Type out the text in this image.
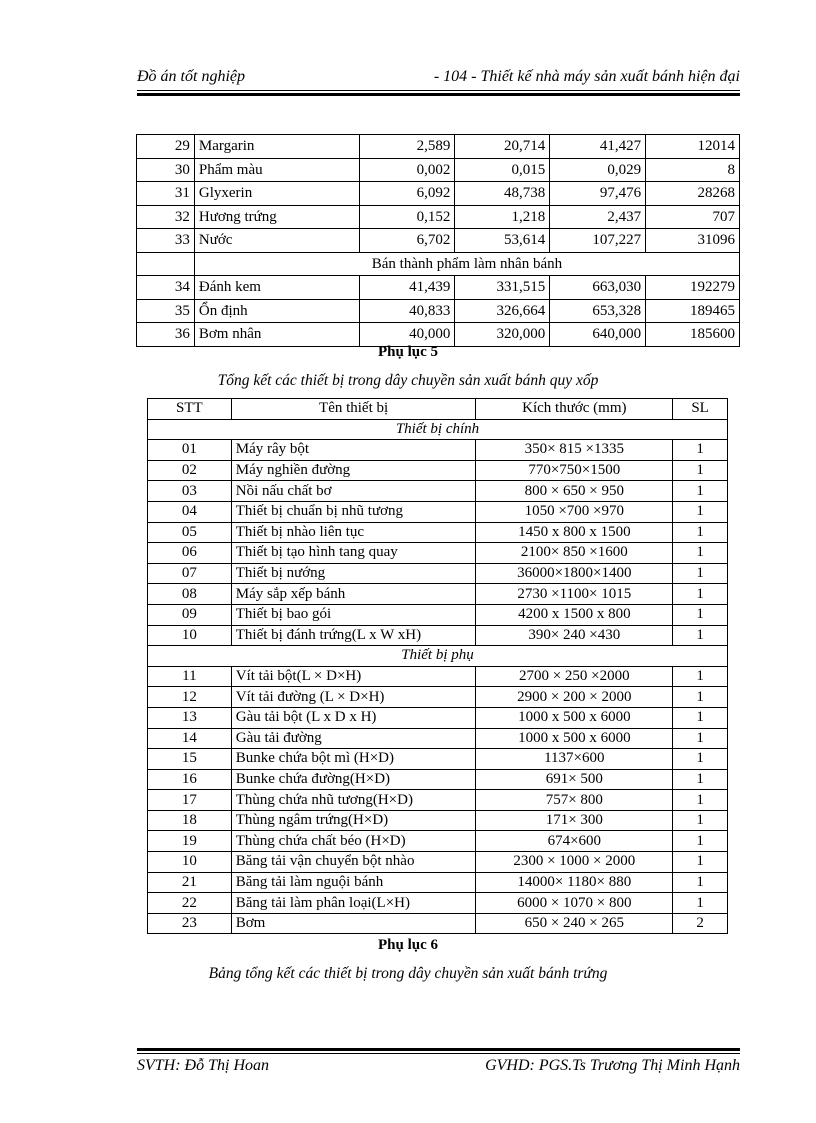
Đồ án tốt nghiệp	- 104 - Thiết kế nhà máy sản xuất bánh hiện đại
29	Margarin	2,589	20,714	41,427	12014
30	Phẩm màu	0,002	0,015	0,029	8
31	Glyxerin	6,092	48,738	97,476	28268
32	Hương trứng	0,152	1,218	2,437	707
33	Nước	6,702	53,614	107,227	31096
	Bán thành phẩm làm nhân bánh				
34	Đánh kem	41,439	331,515	663,030	192279
35	Ổn định	40,833	326,664	653,328	189465
36	Bơm nhân	40,000	320,000	640,000	185600
Phụ lục 5
Tổng kết các thiết bị trong dây chuyền sản xuất bánh quy xốp
STT	Tên thiết bị	Kích thước (mm)	SL
Thiết bị chính			
01	Máy rây bột	350× 815 ×1335	1
02	Máy nghiền đường	770×750×1500	1
03	Nồi nấu chất bơ	800 × 650 × 950	1
04	Thiết bị chuẩn bị nhũ tương	1050 ×700 ×970	1
05	Thiết bị nhào liên tục	1450 x 800 x 1500	1
06	Thiết bị tạo hình tang quay	2100× 850 ×1600	1
07	Thiết bị nướng	36000×1800×1400	1
08	Máy sắp xếp bánh	2730 ×1100× 1015	1
09	Thiết bị bao gói	4200 x 1500 x 800	1
10	Thiết bị đánh trứng(L x W xH)	390× 240 ×430	1
Thiết bị phụ			
11	Vít tải bột(L × D×H)	2700 × 250 ×2000	1
12	Vít tải đường (L × D×H)	2900 × 200 × 2000	1
13	Gàu tải bột (L x D x H)	1000 x 500 x 6000	1
14	Gàu tải đường	1000 x 500 x 6000	1
15	Bunke chứa bột mì (H×D)	1137×600	1
16	Bunke chứa đường(H×D)	691× 500	1
17	Thùng chứa nhũ tương(H×D)	757× 800	1
18	Thùng ngâm trứng(H×D)	171× 300	1
19	Thùng chứa chất béo (H×D)	674×600	1
10	Băng tải vận chuyển bột nhào	2300 × 1000 × 2000	1
21	Băng tải làm nguội bánh	14000× 1180× 880	1
22	Băng tải làm phân loại(L×H)	6000 × 1070 × 800	1
23	Bơm	650 × 240 × 265	2
Phụ lục 6
Bảng tổng kết các thiết bị trong dây chuyền sản xuất bánh trứng
SVTH: Đỗ Thị Hoan	GVHD: PGS.Ts Trương Thị Minh Hạnh
